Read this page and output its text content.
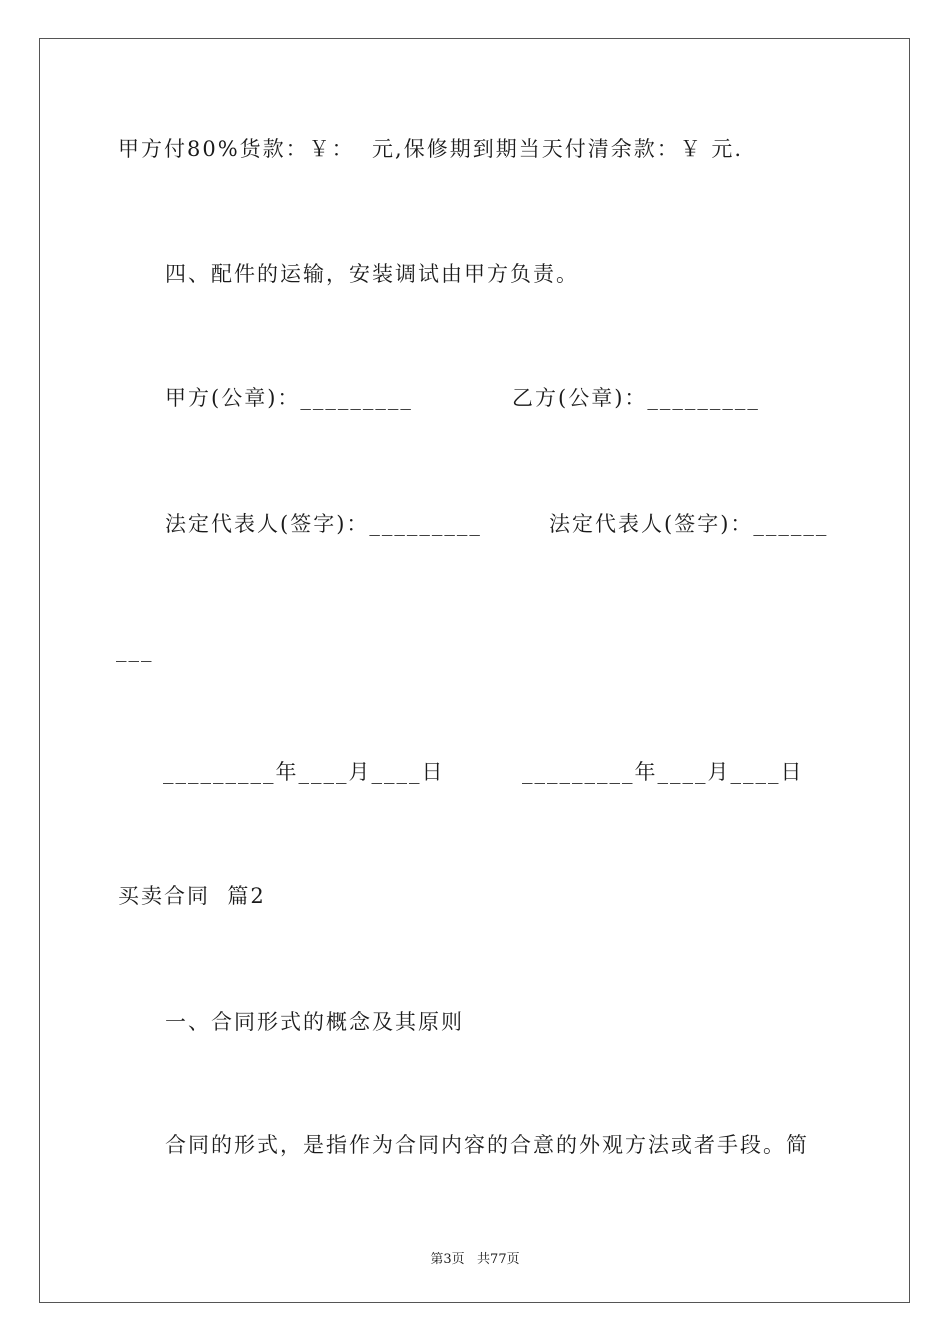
甲方付80%货款：￥：  元,保修期到期当天付清余款：￥ 元.
四、配件的运输，安装调试由甲方负责。
甲方(公章)：_________	乙方(公章)：_________
法定代表人(签字)：_________	法定代表人(签字)：______
___
_________年____月____日	_________年____月____日
买卖合同  篇2
一、合同形式的概念及其原则
合同的形式，是指作为合同内容的合意的外观方法或者手段。简
第3页   共77页
